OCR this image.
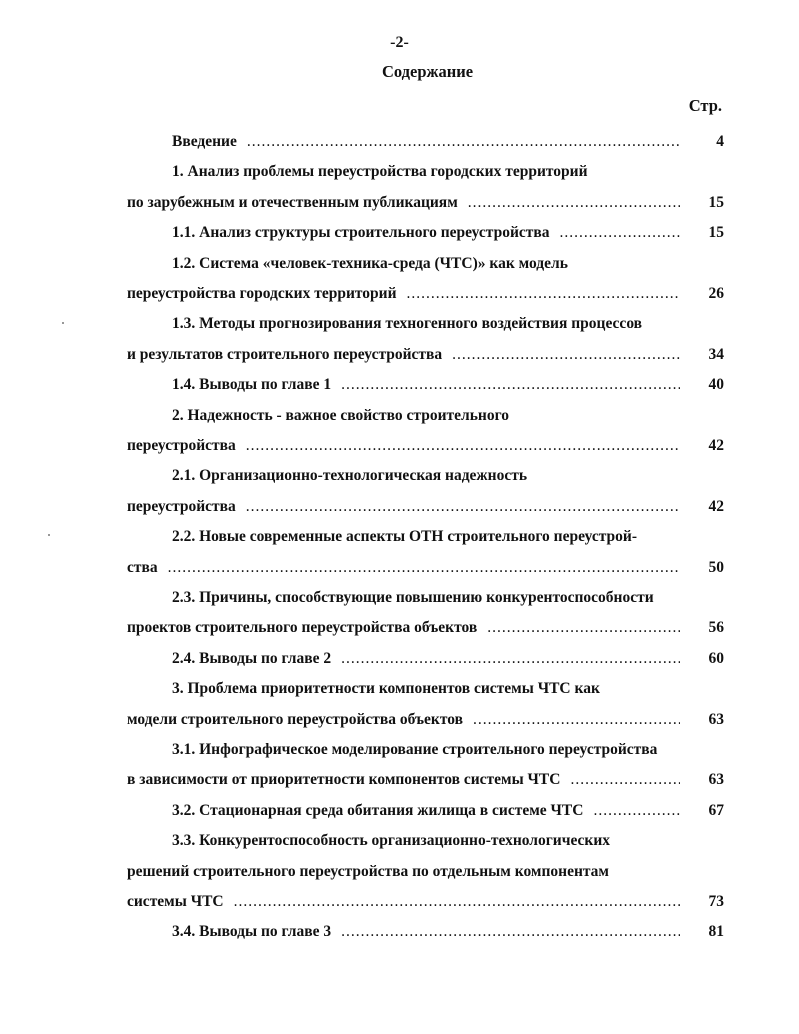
-2-
Содержание
Стр.
Введение .....	4
1. Анализ проблемы переустройства городских территорий
по зарубежным и отечественным публикациям .....	15
1.1. Анализ структуры строительного переустройства .....	15
1.2. Система «человек-техника-среда (ЧТС)» как модель
переустройства городских территорий .....	26
1.3. Методы прогнозирования техногенного воздействия процессов
и результатов строительного переустройства .....	34
1.4. Выводы по главе 1 .....	40
2. Надежность - важное свойство строительного
переустройства .....	42
2.1. Организационно-технологическая надежность
переустройства .....	42
2.2. Новые современные аспекты ОТН строительного переустрой-
ства .....	50
2.3. Причины, способствующие повышению конкурентоспособности
проектов строительного переустройства объектов .....	56
2.4. Выводы по главе 2 .....	60
3. Проблема приоритетности компонентов системы ЧТС как
модели строительного переустройства объектов .....	63
3.1. Инфографическое моделирование строительного переустройства
в зависимости от приоритетности компонентов системы ЧТС .....	63
3.2. Стационарная среда обитания жилища в системе ЧТС .....	67
3.3. Конкурентоспособность организационно-технологических
решений строительного переустройства по отдельным компонентам
системы ЧТС .....	73
3.4. Выводы по главе 3 .....	81
